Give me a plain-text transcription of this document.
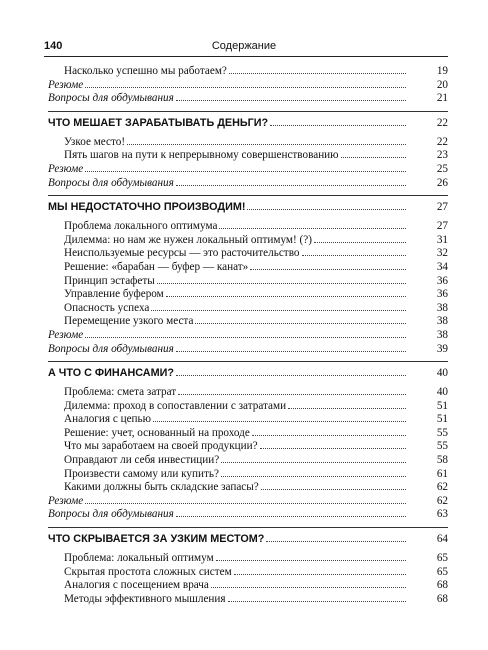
140	Содержание
Насколько успешно мы работаем?	19
Резюме	20
Вопросы для обдумывания	21
ЧТО МЕШАЕТ ЗАРАБАТЫВАТЬ ДЕНЬГИ?	22
Узкое место!	22
Пять шагов на пути к непрерывному совершенствованию	23
Резюме	25
Вопросы для обдумывания	26
МЫ НЕДОСТАТОЧНО ПРОИЗВОДИМ!	27
Проблема локального оптимума	27
Дилемма: но нам же нужен локальный оптимум! (?)	31
Неиспользуемые ресурсы — это расточительство	32
Решение: «барабан — буфер — канат»	34
Принцип эстафеты	36
Управление буфером	36
Опасность успеха	38
Перемещение узкого места	38
Резюме	38
Вопросы для обдумывания	39
А ЧТО С ФИНАНСАМИ?	40
Проблема: смета затрат	40
Дилемма: проход в сопоставлении с затратами	51
Аналогия с цепью	51
Решение: учет, основанный на проходе	55
Что мы заработаем на своей продукции?	55
Оправдают ли себя инвестиции?	58
Произвести самому или купить?	61
Какими должны быть складские запасы?	62
Резюме	62
Вопросы для обдумывания	63
ЧТО СКРЫВАЕТСЯ ЗА УЗКИМ МЕСТОМ?	64
Проблема: локальный оптимум	65
Скрытая простота сложных систем	65
Аналогия с посещением врача	68
Методы эффективного мышления	68
